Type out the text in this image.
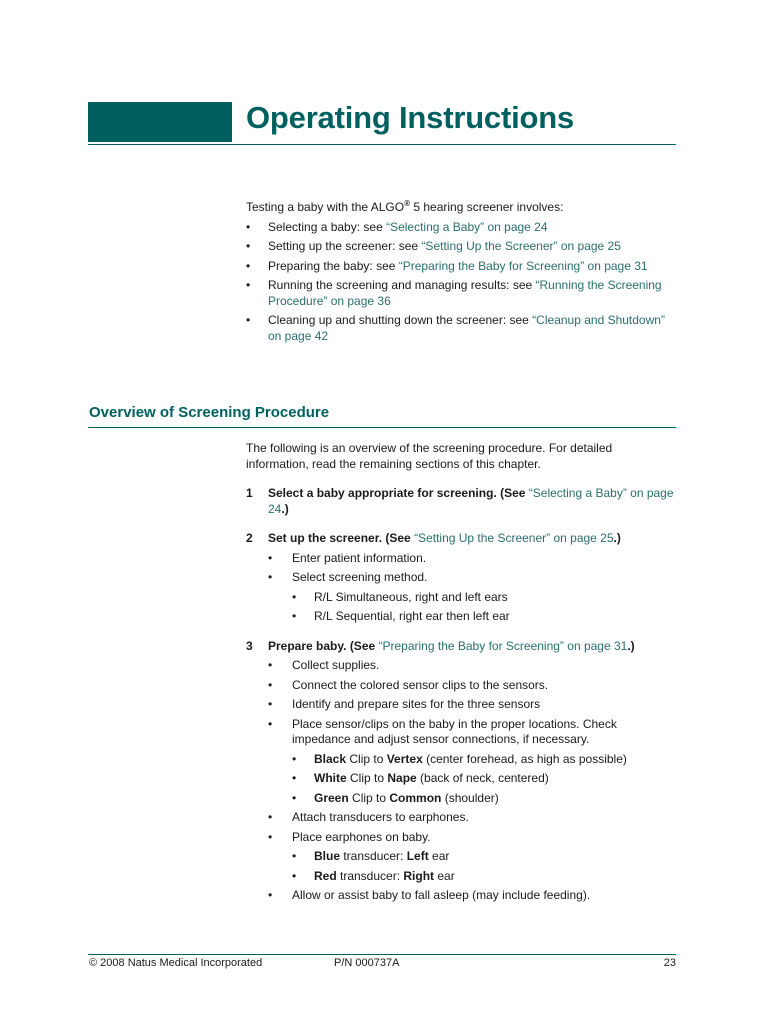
Operating Instructions

Testing a baby with the ALGO® 5 hearing screener involves:

• Selecting a baby: see “Selecting a Baby” on page 24
• Setting up the screener: see “Setting Up the Screener” on page 25
• Preparing the baby: see “Preparing the Baby for Screening” on page 31
• Running the screening and managing results: see “Running the Screening Procedure” on page 36
• Cleaning up and shutting down the screener: see “Cleanup and Shutdown” on page 42
Overview of Screening Procedure

The following is an overview of the screening procedure. For detailed information, read the remaining sections of this chapter.

1 Select a baby appropriate for screening. (See “Selecting a Baby” on page 24.)
2 Set up the screener. (See “Setting Up the Screener” on page 25.)
• Enter patient information.
• Select screening method.
• R/L Simultaneous, right and left ears
• R/L Sequential, right ear then left ear
3 Prepare baby. (See “Preparing the Baby for Screening” on page 31.)
• Collect supplies.
• Connect the colored sensor clips to the sensors.
• Identify and prepare sites for the three sensors
• Place sensor/clips on the baby in the proper locations. Check impedance and adjust sensor connections, if necessary.
• Black Clip to Vertex (center forehead, as high as possible)
• White Clip to Nape (back of neck, centered)
• Green Clip to Common (shoulder)
• Attach transducers to earphones.
• Place earphones on baby.
• Blue transducer: Left ear
• Red transducer: Right ear
• Allow or assist baby to fall asleep (may include feeding).
© 2008 Natus Medical Incorporated	P/N 000737A	23
